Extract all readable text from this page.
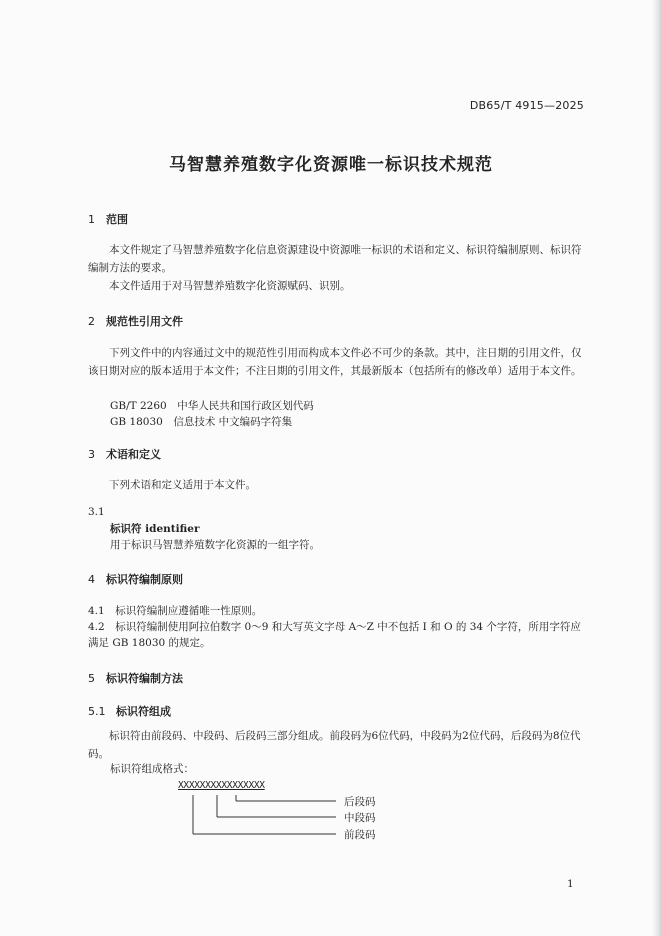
DB65/T 4915—2025
马智慧养殖数字化资源唯一标识技术规范
1 范围
本文件规定了马智慧养殖数字化信息资源建设中资源唯一标识的术语和定义、标识符编制原则、标识符编制方法的要求。
本文件适用于对马智慧养殖数字化资源赋码、识别。
2 规范性引用文件
下列文件中的内容通过文中的规范性引用而构成本文件必不可少的条款。其中，注日期的引用文件，仅该日期对应的版本适用于本文件；不注日期的引用文件，其最新版本（包括所有的修改单）适用于本文件。
GB/T 2260　中华人民共和国行政区划代码
GB 18030　信息技术 中文编码字符集
3 术语和定义
下列术语和定义适用于本文件。
3.1
标识符 identifier
用于标识马智慧养殖数字化资源的一组字符。
4 标识符编制原则
4.1　标识符编制应遵循唯一性原则。
4.2　标识符编制使用阿拉伯数字 0～9 和大写英文字母 A～Z 中不包括 I 和 O 的 34 个字符，所用字符应
满足 GB 18030 的规定。
5 标识符编制方法
5.1 标识符组成
标识符由前段码、中段码、后段码三部分组成。前段码为6位代码，中段码为2位代码，后段码为8位代码。
标识符组成格式：
XXXXXXXXXXXXXXXX
后段码
中段码
前段码
1
